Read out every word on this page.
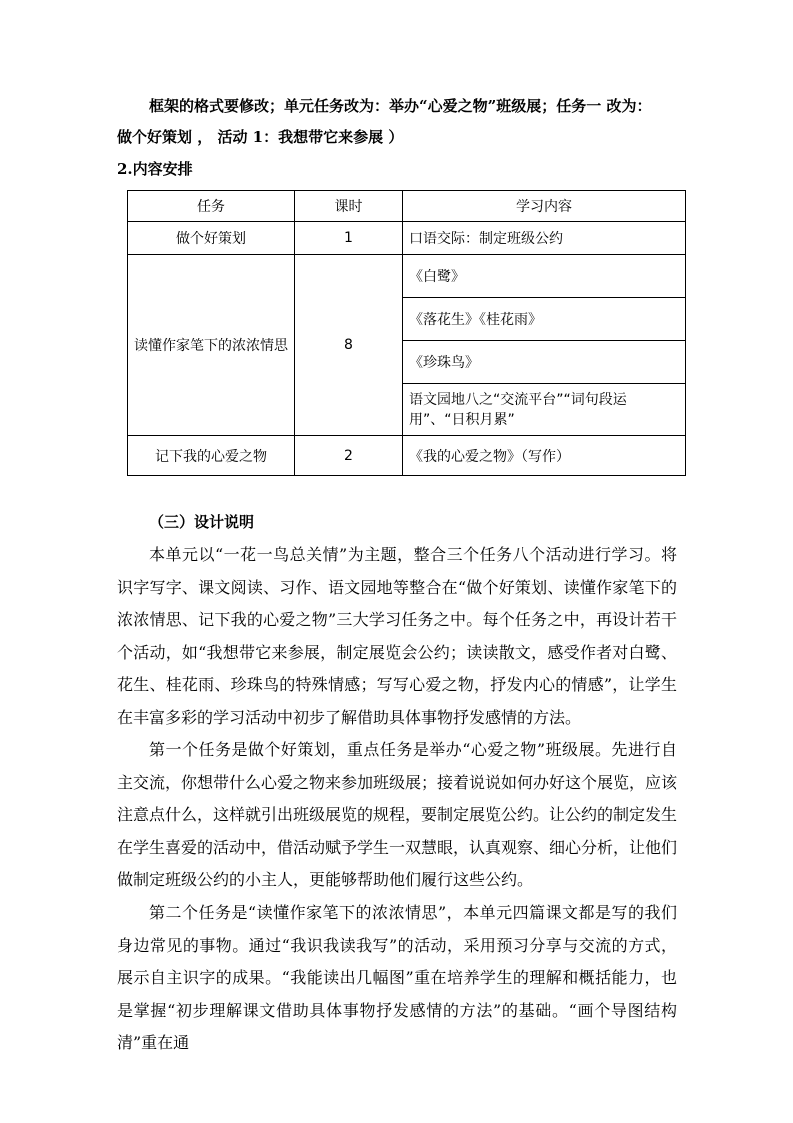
框架的格式要修改；单元任务改为：举办“心爱之物”班级展；任务一 改为：
做个好策划 ， 活动 1：我想带它来参展 ）
2.内容安排
任务	课时	学习内容
做个好策划	1	口语交际：制定班级公约
读懂作家笔下的浓浓情思	8	《白鹭》
		《落花生》《桂花雨》
		《珍珠鸟》
		语文园地八之“交流平台”“词句段运用”、“日积月累”
记下我的心爱之物	2	《我的心爱之物》（写作）
（三）设计说明
本单元以“一花一鸟总关情”为主题，整合三个任务八个活动进行学习。将识字写字、课文阅读、习作、语文园地等整合在“做个好策划、读懂作家笔下的浓浓情思、记下我的心爱之物”三大学习任务之中。每个任务之中，再设计若干个活动，如“我想带它来参展，制定展览会公约；读读散文，感受作者对白鹭、花生、桂花雨、珍珠鸟的特殊情感；写写心爱之物，抒发内心的情感”，让学生在丰富多彩的学习活动中初步了解借助具体事物抒发感情的方法。
第一个任务是做个好策划，重点任务是举办“心爱之物”班级展。先进行自主交流，你想带什么心爱之物来参加班级展；接着说说如何办好这个展览，应该注意点什么，这样就引出班级展览的规程，要制定展览公约。让公约的制定发生在学生喜爱的活动中，借活动赋予学生一双慧眼，认真观察、细心分析，让他们做制定班级公约的小主人，更能够帮助他们履行这些公约。
第二个任务是“读懂作家笔下的浓浓情思”，本单元四篇课文都是写的我们身边常见的事物。通过“我识我读我写”的活动，采用预习分享与交流的方式，展示自主识字的成果。“我能读出几幅图”重在培养学生的理解和概括能力，也是掌握“初步理解课文借助具体事物抒发感情的方法”的基础。“画个导图结构清”重在通
